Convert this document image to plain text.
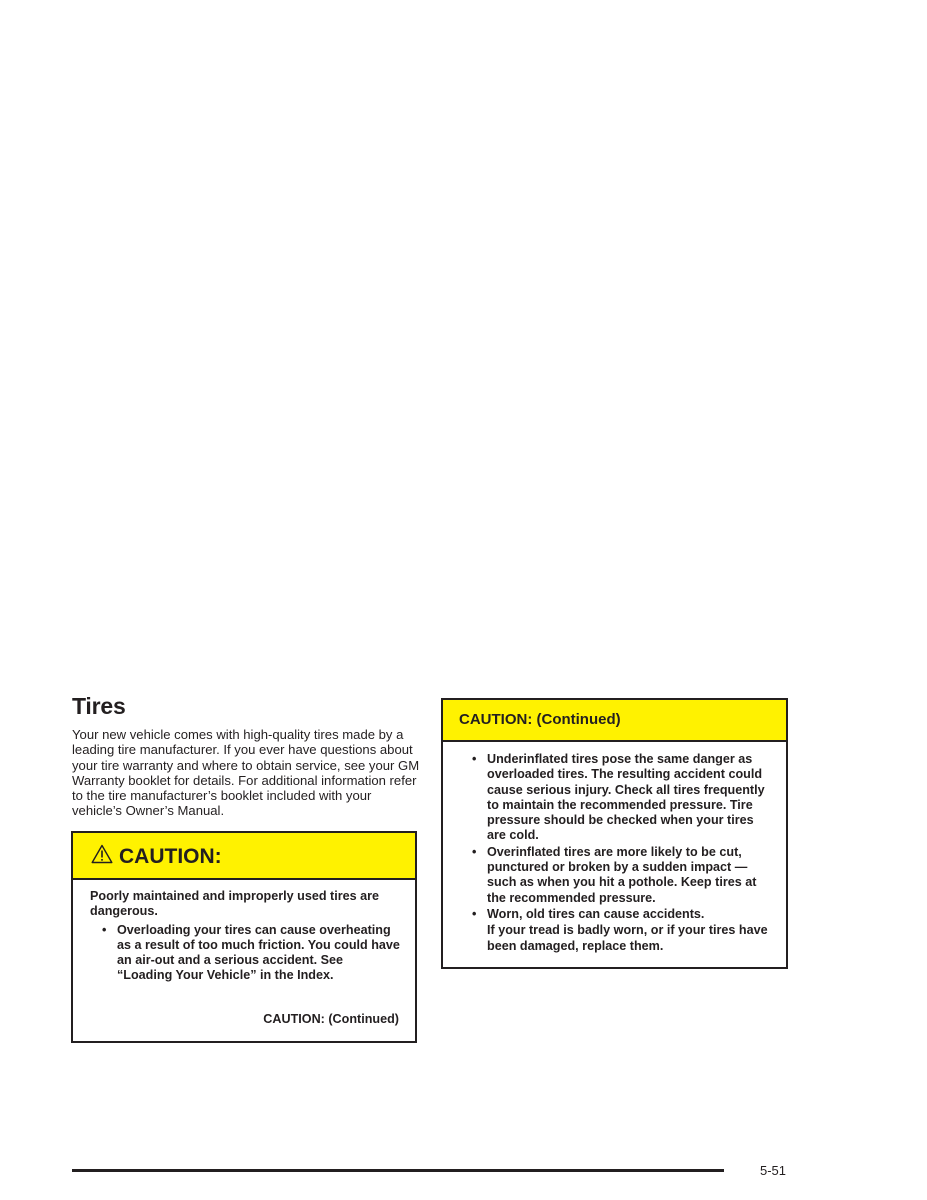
Tires

Your new vehicle comes with high-quality tires made by a leading tire manufacturer. If you ever have questions about your tire warranty and where to obtain service, see your GM Warranty booklet for details. For additional information refer to the tire manufacturer’s booklet included with your vehicle’s Owner’s Manual.

CAUTION:

Poorly maintained and improperly used tires are dangerous.

• Overloading your tires can cause overheating as a result of too much friction. You could have an air-out and a serious accident. See “Loading Your Vehicle” in the Index.
CAUTION: (Continued)
CAUTION: (Continued)
• Underinflated tires pose the same danger as overloaded tires. The resulting accident could cause serious injury. Check all tires frequently to maintain the recommended pressure. Tire pressure should be checked when your tires are cold.
• Overinflated tires are more likely to be cut, punctured or broken by a sudden impact — such as when you hit a pothole. Keep tires at the recommended pressure.
• Worn, old tires can cause accidents.

If your tread is badly worn, or if your tires have been damaged, replace them.

5-51
